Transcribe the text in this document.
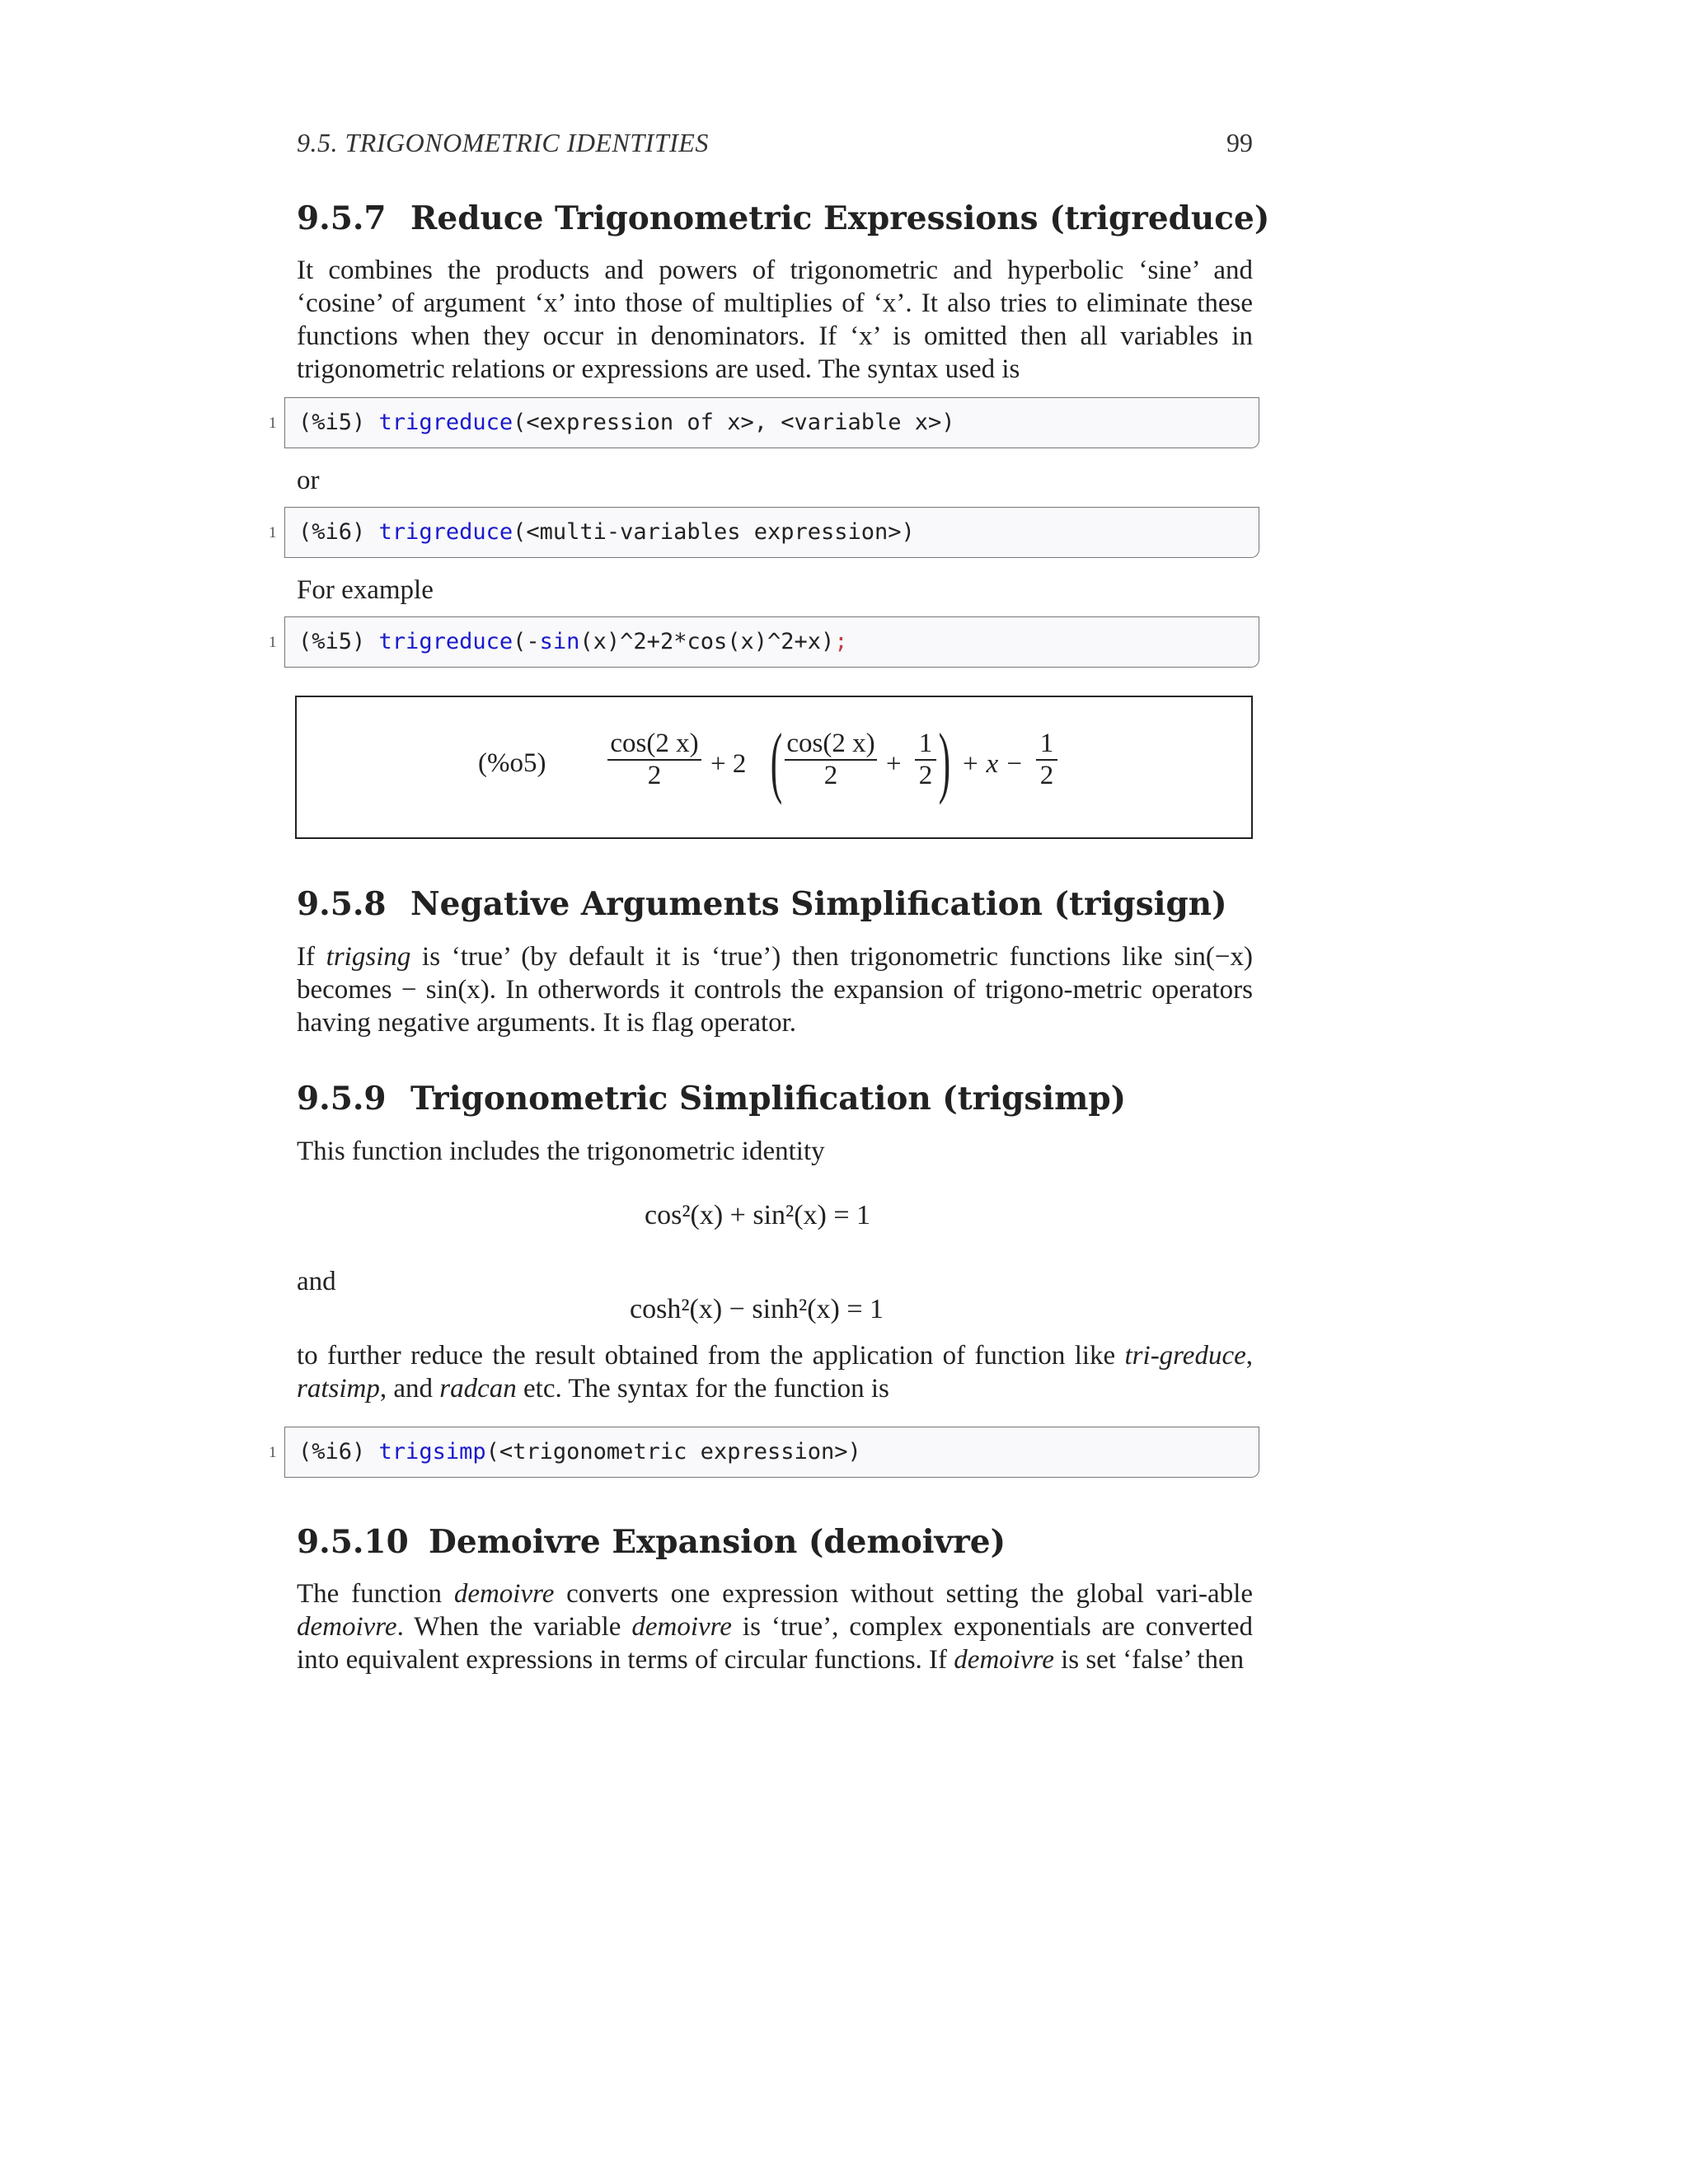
9.5. TRIGONOMETRIC IDENTITIES	99
9.5.7 Reduce Trigonometric Expressions (trigreduce)
It combines the products and powers of trigonometric and hyperbolic ‘sine’ and ‘cosine’ of argument ‘x’ into those of multiplies of ‘x’. It also tries to eliminate these functions when they occur in denominators. If ‘x’ is omitted then all variables in trigonometric relations or expressions are used. The syntax used is
1 (%i5) trigreduce(<expression of x>, <variable x>)
or
1 (%i6) trigreduce(<multi-variables expression>)
For example
1 (%i5) trigreduce(-sin(x)^2+2*cos(x)^2+x);
(%o5)
cos(2 x)
2	+ 2 ( cos(2 x)
2	+
1
2 ) + x −
1
2
9.5.8 Negative Arguments Simplification (trigsign)
If trigsing is ‘true’ (by default it is ‘true’) then trigonometric functions like sin(−x) becomes − sin(x). In otherwords it controls the expansion of trigono-metric operators having negative arguments. It is flag operator.
9.5.9 Trigonometric Simplification (trigsimp)
This function includes the trigonometric identity
cos²(x) + sin²(x) = 1
and
cosh²(x) − sinh²(x) = 1
to further reduce the result obtained from the application of function like tri-greduce, ratsimp, and radcan etc. The syntax for the function is
1 (%i6) trigsimp(<trigonometric expression>)
9.5.10 Demoivre Expansion (demoivre)
The function demoivre converts one expression without setting the global vari-able demoivre. When the variable demoivre is ‘true’, complex exponentials are converted into equivalent expressions in terms of circular functions. If demoivre is set ‘false’ then
